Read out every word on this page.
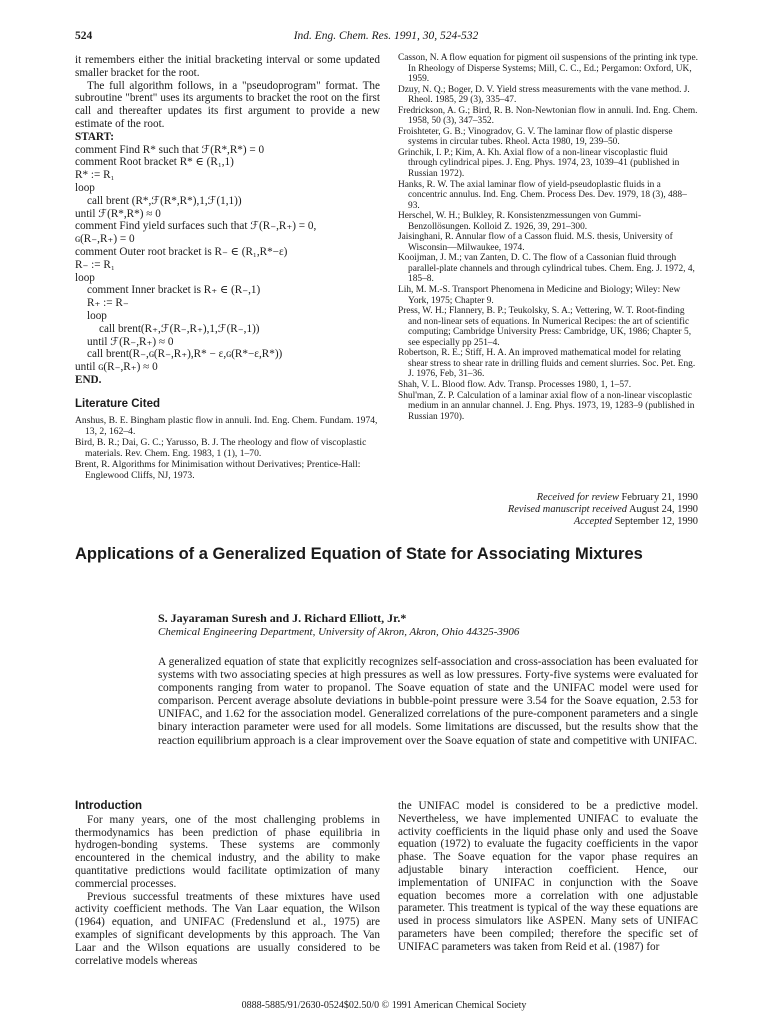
524	Ind. Eng. Chem. Res. 1991, 30, 524-532

it remembers either the initial bracketing interval or some updated smaller bracket for the root.

The full algorithm follows, in a "pseudoprogram" format. The subroutine "brent" uses its arguments to bracket the root on the first call and thereafter updates its first argument to provide a new estimate of the root.

START:
comment Find R* such that ℱ(R*,R*) = 0
comment Root bracket R* ∈ (R₁,1)
R* := R₁
loop
call brent (R*,ℱ(R*,R*),1,ℱ(1,1))
until ℱ(R*,R*) ≈ 0
comment Find yield surfaces such that ℱ(R₋,R₊) = 0,
ɢ(R₋,R₊) = 0
comment Outer root bracket is R₋ ∈ (R₁,R*−ε)
R₋ := R₁
loop
comment Inner bracket is R₊ ∈ (R₋,1)
R₊ := R₋
loop
call brent(R₊,ℱ(R₋,R₊),1,ℱ(R₋,1))
until ℱ(R₋,R₊) ≈ 0
call brent(R₋,ɢ(R₋,R₊),R* − ε,ɢ(R*−ε,R*))
until ɢ(R₋,R₊) ≈ 0
END.
Literature Cited
Anshus, B. E. Bingham plastic flow in annuli. Ind. Eng. Chem. Fundam. 1974, 13, 2, 162–4.
Bird, B. R.; Dai, G. C.; Yarusso, B. J. The rheology and flow of viscoplastic materials. Rev. Chem. Eng. 1983, 1 (1), 1–70.
Brent, R. Algorithms for Minimisation without Derivatives; Prentice-Hall: Englewood Cliffs, NJ, 1973.
Casson, N. A flow equation for pigment oil suspensions of the printing ink type. In Rheology of Disperse Systems; Mill, C. C., Ed.; Pergamon: Oxford, UK, 1959.
Dzuy, N. Q.; Boger, D. V. Yield stress measurements with the vane method. J. Rheol. 1985, 29 (3), 335–47.
Fredrickson, A. G.; Bird, R. B. Non-Newtonian flow in annuli. Ind. Eng. Chem. 1958, 50 (3), 347–352.
Froishteter, G. B.; Vinogradov, G. V. The laminar flow of plastic disperse systems in circular tubes. Rheol. Acta 1980, 19, 239–50.
Grinchik, I. P.; Kim, A. Kh. Axial flow of a non-linear viscoplastic fluid through cylindrical pipes. J. Eng. Phys. 1974, 23, 1039–41 (published in Russian 1972).
Hanks, R. W. The axial laminar flow of yield-pseudoplastic fluids in a concentric annulus. Ind. Eng. Chem. Process Des. Dev. 1979, 18 (3), 488–93.
Herschel, W. H.; Bulkley, R. Konsistenzmessungen von Gummi-Benzollösungen. Kolloid Z. 1926, 39, 291–300.
Jaisinghani, R. Annular flow of a Casson fluid. M.S. thesis, University of Wisconsin—Milwaukee, 1974.
Kooijman, J. M.; van Zanten, D. C. The flow of a Cassonian fluid through parallel-plate channels and through cylindrical tubes. Chem. Eng. J. 1972, 4, 185–8.
Lih, M. M.-S. Transport Phenomena in Medicine and Biology; Wiley: New York, 1975; Chapter 9.
Press, W. H.; Flannery, B. P.; Teukolsky, S. A.; Vettering, W. T. Root-finding and non-linear sets of equations. In Numerical Recipes: the art of scientific computing; Cambridge University Press: Cambridge, UK, 1986; Chapter 5, see especially pp 251–4.
Robertson, R. E.; Stiff, H. A. An improved mathematical model for relating shear stress to shear rate in drilling fluids and cement slurries. Soc. Pet. Eng. J. 1976, Feb, 31–36.
Shah, V. L. Blood flow. Adv. Transp. Processes 1980, 1, 1–57.
Shul'man, Z. P. Calculation of a laminar axial flow of a non-linear viscoplastic medium in an annular channel. J. Eng. Phys. 1973, 19, 1283–9 (published in Russian 1970).
Received for review February 21, 1990
Revised manuscript received August 24, 1990
Accepted September 12, 1990
Applications of a Generalized Equation of State for Associating Mixtures
S. Jayaraman Suresh and J. Richard Elliott, Jr.*
Chemical Engineering Department, University of Akron, Akron, Ohio 44325-3906
A generalized equation of state that explicitly recognizes self-association and cross-association has been evaluated for systems with two associating species at high pressures as well as low pressures. Forty-five systems were evaluated for components ranging from water to propanol. The Soave equation of state and the UNIFAC model were used for comparison. Percent average absolute deviations in bubble-point pressure were 3.54 for the Soave equation, 2.53 for UNIFAC, and 1.62 for the association model. Generalized correlations of the pure-component parameters and a single binary interaction parameter were used for all models. Some limitations are discussed, but the results show that the reaction equilibrium approach is a clear improvement over the Soave equation of state and competitive with UNIFAC.
Introduction

For many years, one of the most challenging problems in thermodynamics has been prediction of phase equilibria in hydrogen-bonding systems. These systems are commonly encountered in the chemical industry, and the ability to make quantitative predictions would facilitate optimization of many commercial processes.

Previous successful treatments of these mixtures have used activity coefficient methods. The Van Laar equation, the Wilson (1964) equation, and UNIFAC (Fredenslund et al., 1975) are examples of significant developments by this approach. The Van Laar and the Wilson equations are usually considered to be correlative models whereas

the UNIFAC model is considered to be a predictive model. Nevertheless, we have implemented UNIFAC to evaluate the activity coefficients in the liquid phase only and used the Soave equation (1972) to evaluate the fugacity coefficients in the vapor phase. The Soave equation for the vapor phase requires an adjustable binary interaction coefficient. Hence, our implementation of UNIFAC in conjunction with the Soave equation becomes more a correlation with one adjustable parameter. This treatment is typical of the way these equations are used in process simulators like ASPEN. Many sets of UNIFAC parameters have been compiled; therefore the specific set of UNIFAC parameters was taken from Reid et al. (1987) for

0888-5885/91/2630-0524$02.50/0 © 1991 American Chemical Society
